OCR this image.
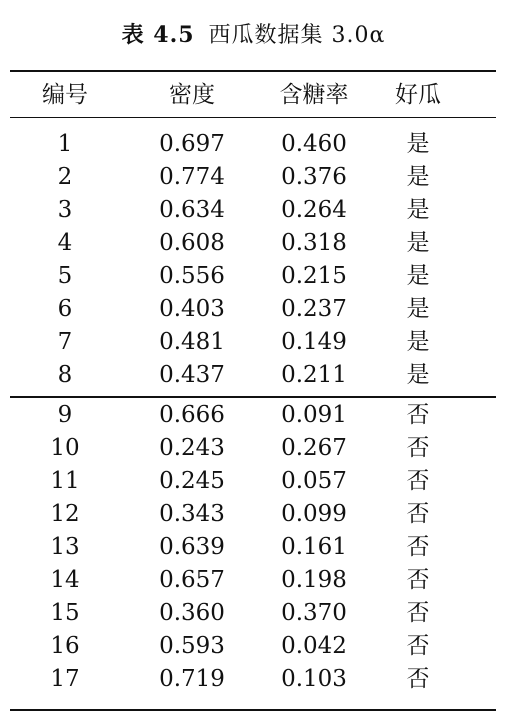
表 4.5 西瓜数据集 3.0α
编号	密度	含糖率	好瓜
1	0.697	0.460	是
2	0.774	0.376	是
3	0.634	0.264	是
4	0.608	0.318	是
5	0.556	0.215	是
6	0.403	0.237	是
7	0.481	0.149	是
8	0.437	0.211	是
9	0.666	0.091	否
10	0.243	0.267	否
11	0.245	0.057	否
12	0.343	0.099	否
13	0.639	0.161	否
14	0.657	0.198	否
15	0.360	0.370	否
16	0.593	0.042	否
17	0.719	0.103	否
